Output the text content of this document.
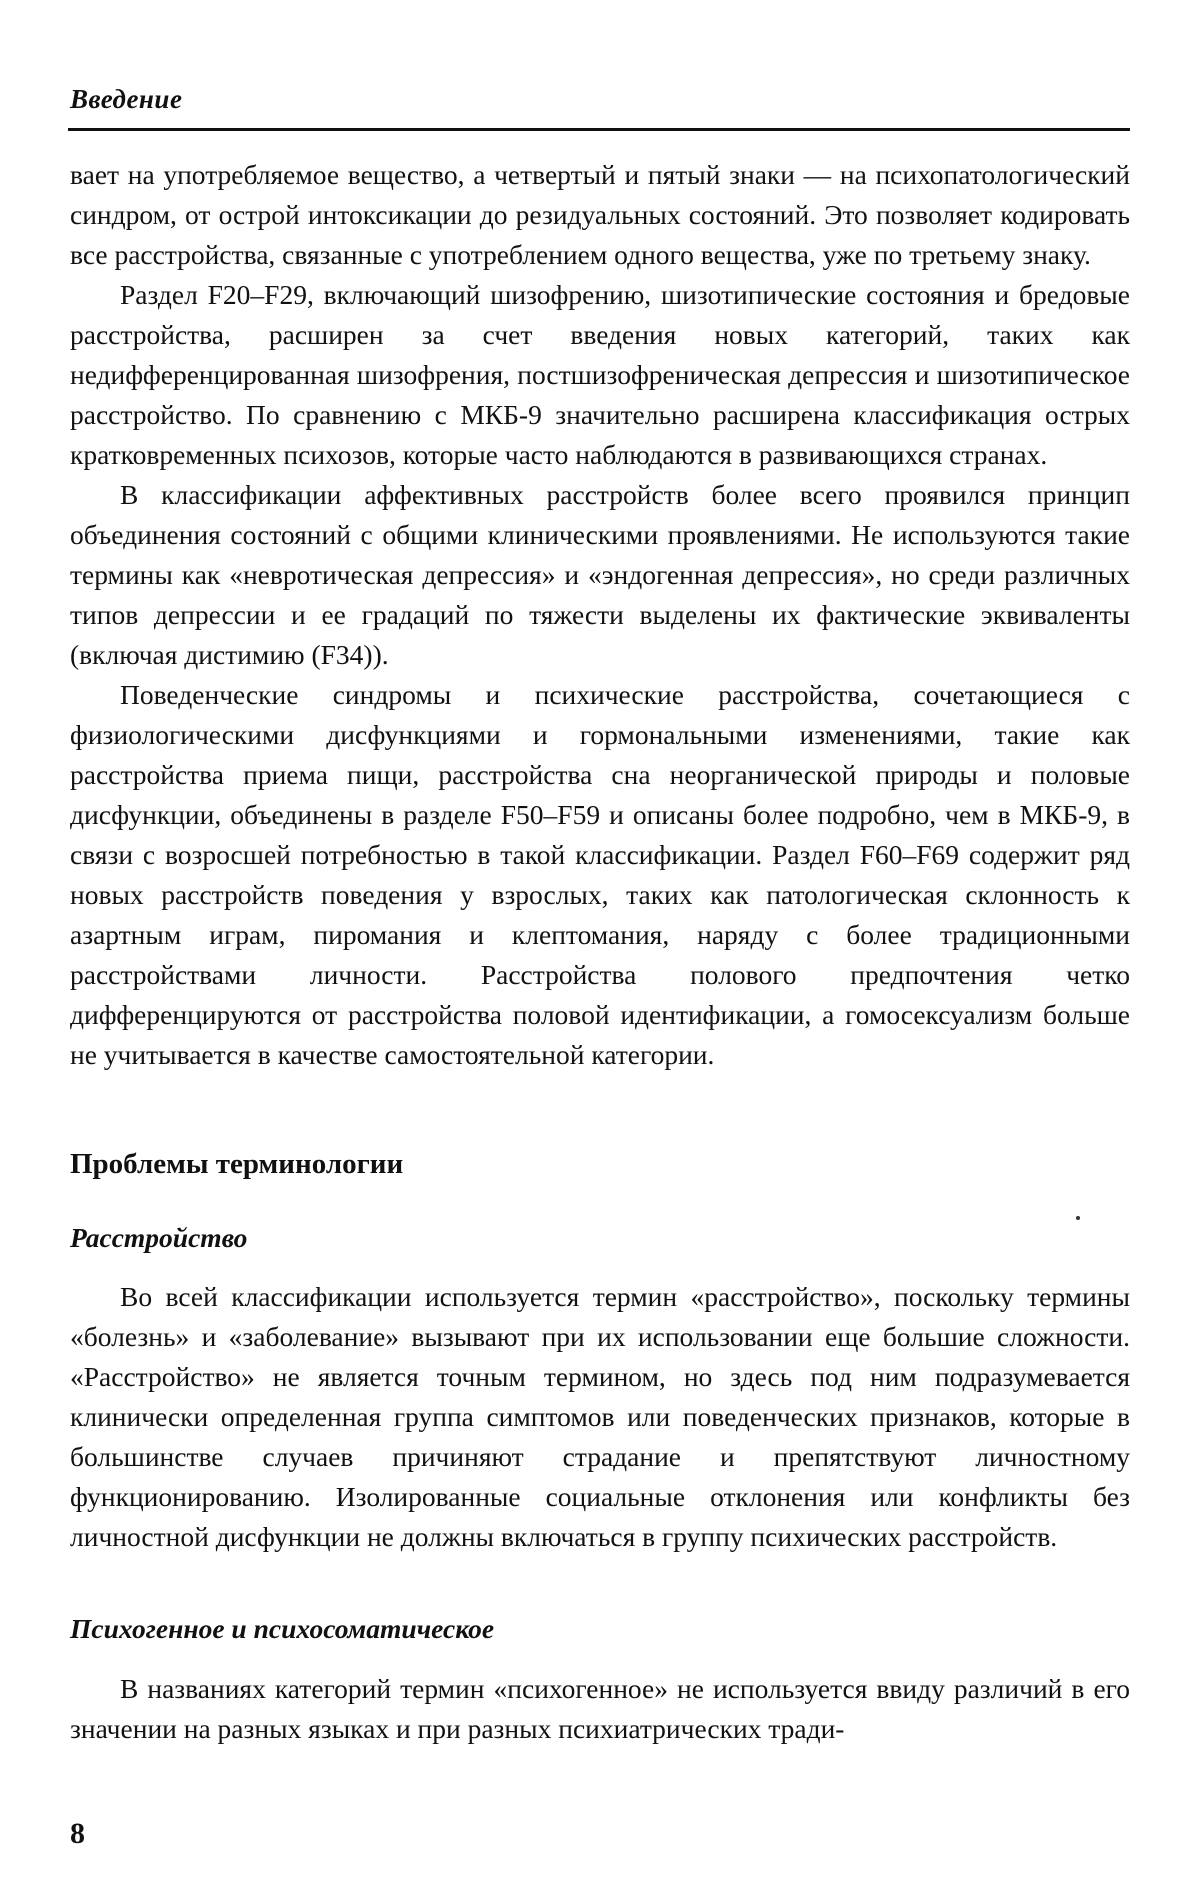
Введение

вает на употребляемое вещество, а четвертый и пятый знаки — на психопатологический синдром, от острой интоксикации до резидуальных состояний. Это позволяет кодировать все расстройства, связанные с употреблением одного вещества, уже по третьему знаку.

Раздел F20–F29, включающий шизофрению, шизотипические состояния и бредовые расстройства, расширен за счет введения новых категорий, таких как недифференцированная шизофрения, постшизофреническая депрессия и шизотипическое расстройство. По сравнению с МКБ-9 значительно расширена классификация острых кратковременных психозов, которые часто наблюдаются в развивающихся странах.

В классификации аффективных расстройств более всего проявился принцип объединения состояний с общими клиническими проявлениями. Не используются такие термины как «невротическая депрессия» и «эндогенная депрессия», но среди различных типов депрессии и ее градаций по тяжести выделены их фактические эквиваленты (включая дистимию (F34)).

Поведенческие синдромы и психические расстройства, сочетающиеся с физиологическими дисфункциями и гормональными изменениями, такие как расстройства приема пищи, расстройства сна неорганической природы и половые дисфункции, объединены в разделе F50–F59 и описаны более подробно, чем в МКБ-9, в связи с возросшей потребностью в такой классификации. Раздел F60–F69 содержит ряд новых расстройств поведения у взрослых, таких как патологическая склонность к азартным играм, пиромания и клептомания, наряду с более традиционными расстройствами личности. Расстройства полового предпочтения четко дифференцируются от расстройства половой идентификации, а гомосексуализм больше не учитывается в качестве самостоятельной категории.

Проблемы терминологии
Расстройство

Во всей классификации используется термин «расстройство», поскольку термины «болезнь» и «заболевание» вызывают при их использовании еще большие сложности. «Расстройство» не является точным термином, но здесь под ним подразумевается клинически определенная группа симптомов или поведенческих признаков, которые в большинстве случаев причиняют страдание и препятствуют личностному функционированию. Изолированные социальные отклонения или конфликты без личностной дисфункции не должны включаться в группу психических расстройств.

Психогенное и психосоматическое

В названиях категорий термин «психогенное» не используется ввиду различий в его значении на разных языках и при разных психиатрических тради-

8
